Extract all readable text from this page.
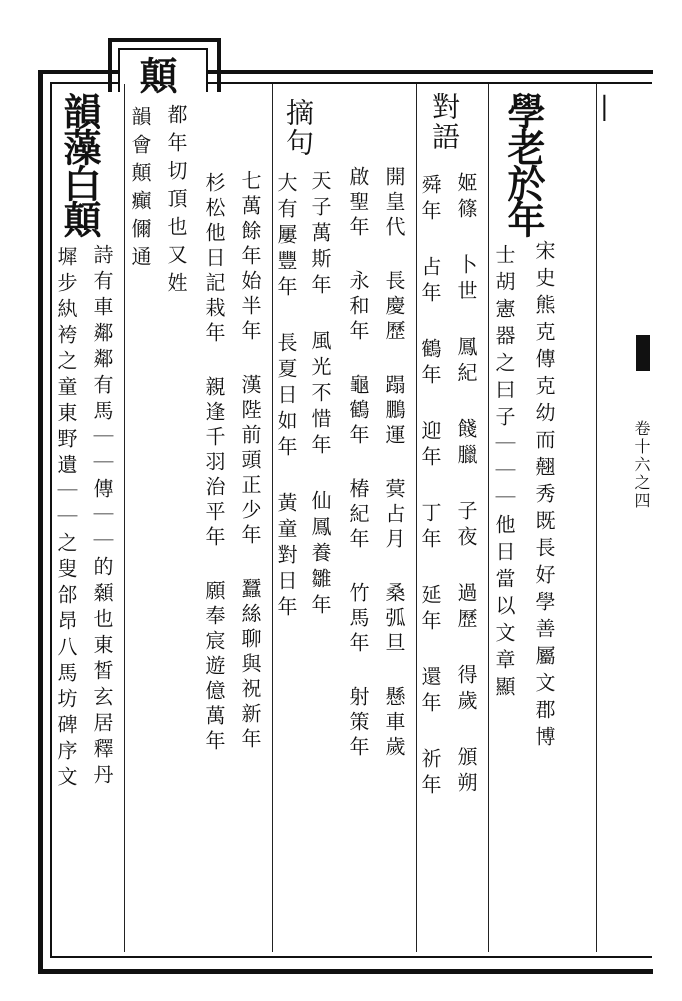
|
卷十六之四
學老於年
宋史熊克傳克幼而翹秀既長好學善屬文郡博
士胡憲器之曰子｜｜｜他日當以文章顯
對語
姬篠 卜世 鳳紀 餞臘 子夜 過歷 得歲 頒朔
舜年 占年 鶴年 迎年 丁年 延年 還年 祈年
開皇代 長慶歷 蹋鵬運 蓂占月 桑弧旦 懸車歲
啟聖年 永和年 龜鶴年 椿紀年 竹馬年 射策年
摘句
天子萬斯年 風光不惜年 仙鳳養雛年
大有屢豐年 長夏日如年 黃童對日年
七萬餘年始半年 漢陛前頭正少年 蠶絲聊與祝新年
杉松他日記栽年 親逢千羽治平年 願奉宸遊億萬年
顛
都年切頂也又姓
韻會顛癲儞通
韻藻白顛
詩有車鄰鄰有馬｜｜傳｜｜的顙也東皙玄居釋丹
墀步紈袴之童東野遺｜｜之叟郃昂八馬坊碑序文
